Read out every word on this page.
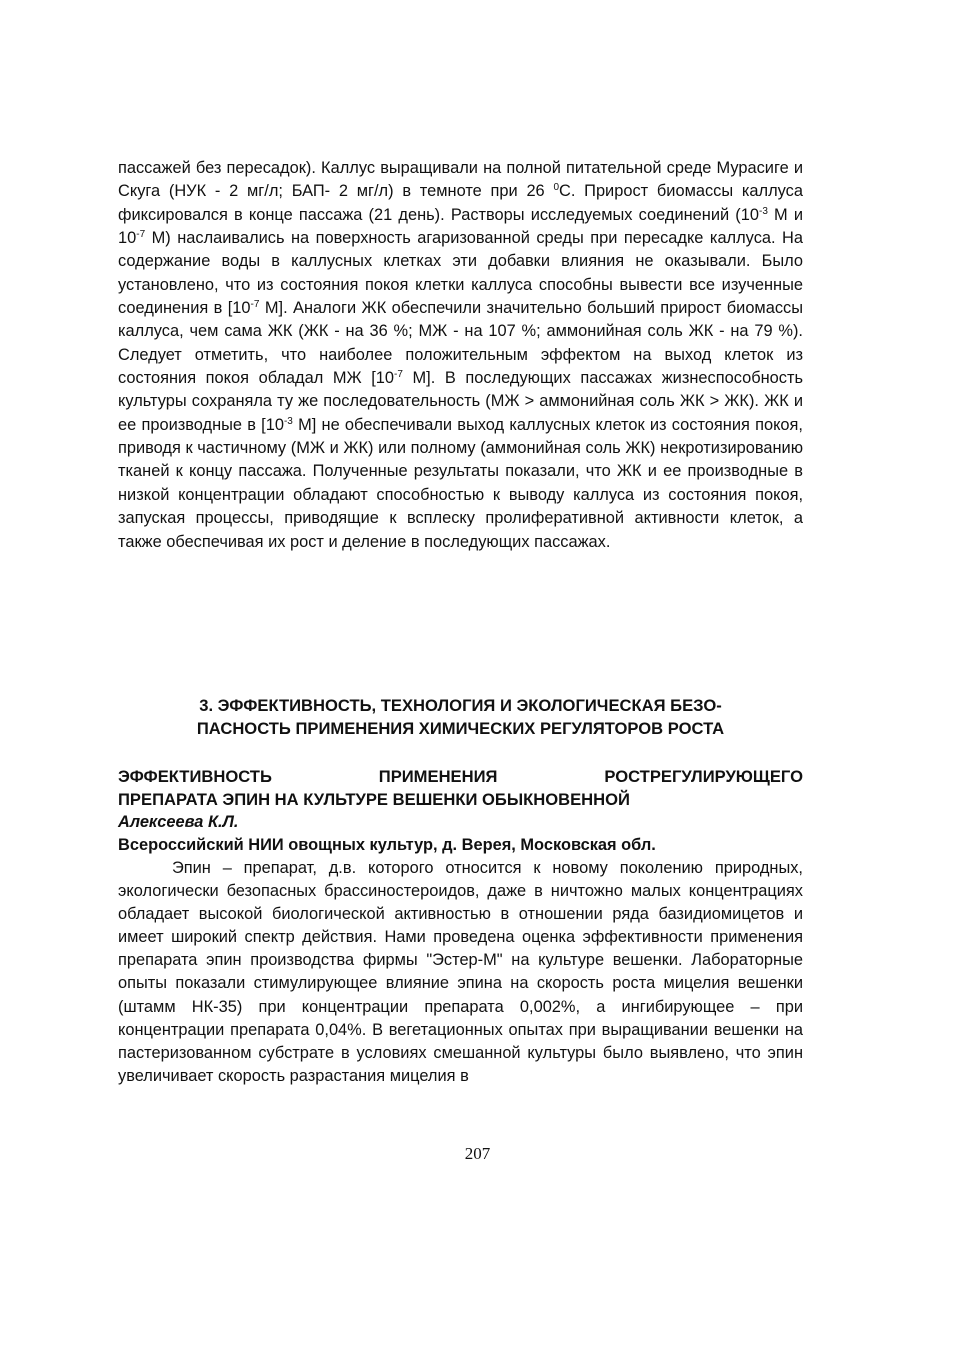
пассажей без пересадок). Каллус выращивали на полной питательной среде Мурасиге и Скуга (НУК - 2 мг/л; БАП- 2 мг/л) в темноте при 26 $^0$С. Прирост биомассы каллуса фиксировался в конце пассажа (21 день). Растворы исследуемых соединений ($10^{-3}$ М и $10^{-7}$ М) наслаивались на поверхность агаризованной среды при пересадке каллуса. На содержание воды в каллусных клетках эти добавки влияния не оказывали. Было установлено, что из состояния покоя клетки каллуса способны вывести все изученные соединения в [$10^{-7}$ М]. Аналоги ЖК обеспечили значительно больший прирост биомассы каллуса, чем сама ЖК (ЖК - на 36 %; МЖ - на 107 %; аммонийная соль ЖК - на 79 %). Следует отметить, что наиболее положительным эффектом на выход клеток из состояния покоя обладал МЖ [$10^{-7}$ М]. В последующих пассажах жизнеспособность культуры сохраняла ту же последовательность (МЖ > аммонийная соль ЖК > ЖК). ЖК и ее производные в [$10^{-3}$ М] не обеспечивали выход каллусных клеток из состояния покоя, приводя к частичному (МЖ и ЖК) или полному (аммонийная соль ЖК) некротизированию тканей к концу пассажа. Полученные результаты показали, что ЖК и ее производные в низкой концентрации обладают способностью к выводу каллуса из состояния покоя, запуская процессы, приводящие к всплеску пролиферативной активности клеток, а также обеспечивая их рост и деление в последующих пассажах.

3. ЭФФЕКТИВНОСТЬ, ТЕХНОЛОГИЯ И ЭКОЛОГИЧЕСКАЯ БЕЗО-
ПАСНОСТЬ ПРИМЕНЕНИЯ ХИМИЧЕСКИХ РЕГУЛЯТОРОВ РОСТА
ЭФФЕКТИВНОСТЬ	ПРИМЕНЕНИЯ	РОСТРЕГУЛИРУЮЩЕГО
ПРЕПАРАТА ЭПИН НА КУЛЬТУРЕ ВЕШЕНКИ ОБЫКНОВЕННОЙ

Алексеева К.Л.

Всероссийский НИИ овощных культур, д. Верея, Московская обл.

Эпин – препарат, д.в. которого относится к новому поколению природных, экологически безопасных брассиностероидов, даже в ничтожно малых концентрациях обладает высокой биологической активностью в отношении ряда базидиомицетов и имеет широкий спектр действия. Нами проведена оценка эффективности применения препарата эпин производства фирмы "Эстер-М" на культуре вешенки. Лабораторные опыты показали стимулирующее влияние эпина на скорость роста мицелия вешенки (штамм НК-35) при концентрации препарата 0,002%, а ингибирующее – при концентрации препарата 0,04%. В вегетационных опытах при выращивании вешенки на пастеризованном субстрате в условиях смешанной культуры было выявлено, что эпин увеличивает скорость разрастания мицелия в

207
